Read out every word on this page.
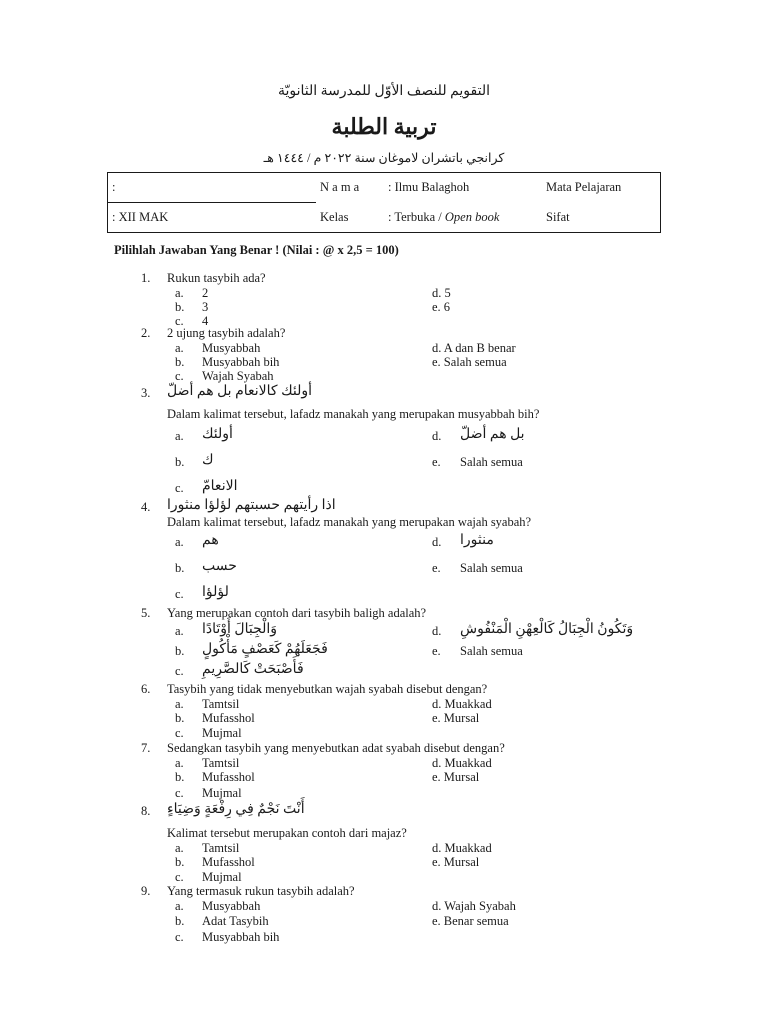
التقويم للنصف الأوّل للمدرسة الثانويّة
تربية الطلبة
كرانجي باتشران لاموغان سنة ٢٠٢٢ م / ١٤٤٤ هـ
:	N a m a	: Ilmu Balaghoh	Mata Pelajaran
: XII MAK	Kelas	: Terbuka / Open book	Sifat
Pilihlah Jawaban Yang Benar ! (Nilai : @ x 2,5 = 100)
1. Rukun tasybih ada?
a. 2	d. 5
b. 3	e. 6
c. 4
2. 2 ujung tasybih adalah?
a. Musyabbah	d. A dan B benar
b. Musyabbah bih	e. Salah semua
c. Wajah Syabah
3. أولئك كالانعام بل هم أضلّ
Dalam kalimat tersebut, lafadz manakah yang merupakan musyabbah bih?
a. أولئك	d. بل هم أضلّ
b. ك	e. Salah semua
c. الانعامّ
4. اذا رأيتهم حسبتهم لؤلؤا منثورا
Dalam kalimat tersebut, lafadz manakah yang merupakan wajah syabah?
a. هم	d. منثورا
b. حسب	e. Salah semua
c. لؤلؤا
5. Yang merupakan contoh dari tasybih baligh adalah?
a. وَالْجِبَالَ أَوْتَادًا	d. وَتَكُونُ الْجِبَالُ كَالْعِهْنِ الْمَنْفُوشِ
b. فَجَعَلَهُمْ كَعَصْفٍ مَأْكُولٍ	e. Salah semua
c. فَأَصْبَحَتْ كَالصَّرِيمِ
6. Tasybih yang tidak menyebutkan wajah syabah disebut dengan?
a. Tamtsil	d. Muakkad
b. Mufasshol	e. Mursal
c. Mujmal
7. Sedangkan tasybih yang menyebutkan adat syabah disebut dengan?
a. Tamtsil	d. Muakkad
b. Mufasshol	e. Mursal
c. Mujmal
8. أَنْتَ نَجْمٌ فِي رِفْعَةٍ وَضِيَاءٍ
Kalimat tersebut merupakan contoh dari majaz?
a. Tamtsil	d. Muakkad
b. Mufasshol	e. Mursal
c. Mujmal
9. Yang termasuk rukun tasybih adalah?
a. Musyabbah	d. Wajah Syabah
b. Adat Tasybih	e. Benar semua
c. Musyabbah bih
